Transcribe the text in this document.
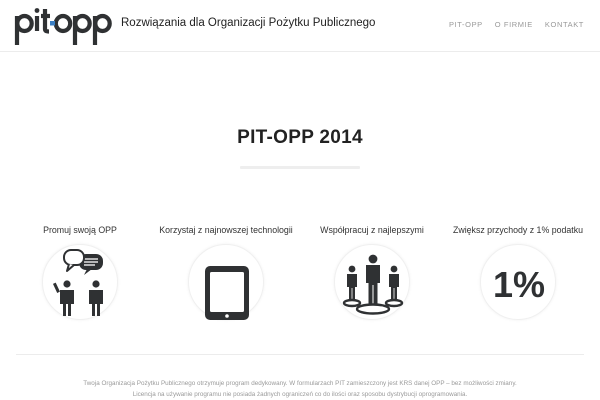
Rozwiązania dla Organizacji Pożytku Publicznego	PIT-OPP O FIRMIE KONTAKT
PIT-OPP 2014
Promuj swoją OPP	Korzystaj z najnowszej technologii	Współpracuj z najlepszymi	Zwiększ przychody z 1% podatku
1%
Twoja Organizacja Pożytku Publicznego otrzymuje program dedykowany. W formularzach PIT zamieszczony jest KRS danej OPP – bez możliwości zmiany.
Licencja na używanie programu nie posiada żadnych ograniczeń co do ilości oraz sposobu dystrybucji oprogramowania.
